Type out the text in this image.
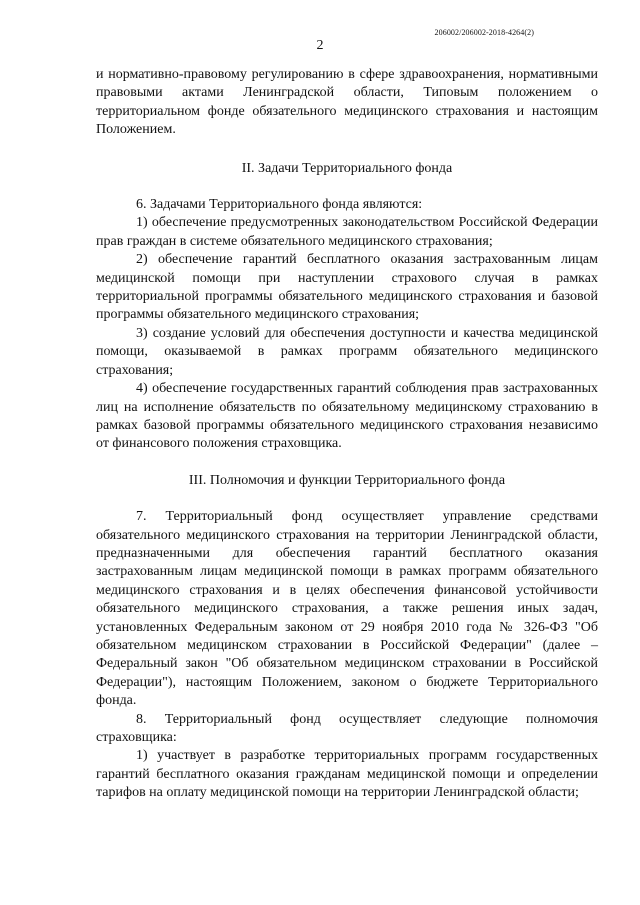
206002/206002-2018-4264(2)
2

и нормативно-правовому регулированию в сфере здравоохранения, нормативными правовыми актами Ленинградской области, Типовым положением о территориальном фонде обязательного медицинского страхования и настоящим Положением.

II. Задачи Территориального фонда

6. Задачами Территориального фонда являются:

1) обеспечение предусмотренных законодательством Российской Федерации прав граждан в системе обязательного медицинского страхования;

2) обеспечение гарантий бесплатного оказания застрахованным лицам медицинской помощи при наступлении страхового случая в рамках территориальной программы обязательного медицинского страхования и базовой программы обязательного медицинского страхования;

3) создание условий для обеспечения доступности и качества медицинской помощи, оказываемой в рамках программ обязательного медицинского страхования;

4) обеспечение государственных гарантий соблюдения прав застрахованных лиц на исполнение обязательств по обязательному медицинскому страхованию в рамках базовой программы обязательного медицинского страхования независимо от финансового положения страховщика.

III. Полномочия и функции Территориального фонда

7. Территориальный фонд осуществляет управление средствами обязательного медицинского страхования на территории Ленинградской области, предназначенными для обеспечения гарантий бесплатного оказания застрахованным лицам медицинской помощи в рамках программ обязательного медицинского страхования и в целях обеспечения финансовой устойчивости обязательного медицинского страхования, а также решения иных задач, установленных Федеральным законом от 29 ноября 2010 года № 326-ФЗ "Об обязательном медицинском страховании в Российской Федерации" (далее – Федеральный закон "Об обязательном медицинском страховании в Российской Федерации"), настоящим Положением, законом о бюджете Территориального фонда.

8. Территориальный фонд осуществляет следующие полномочия страховщика:

1) участвует в разработке территориальных программ государственных гарантий бесплатного оказания гражданам медицинской помощи и определении тарифов на оплату медицинской помощи на территории Ленинградской области;
